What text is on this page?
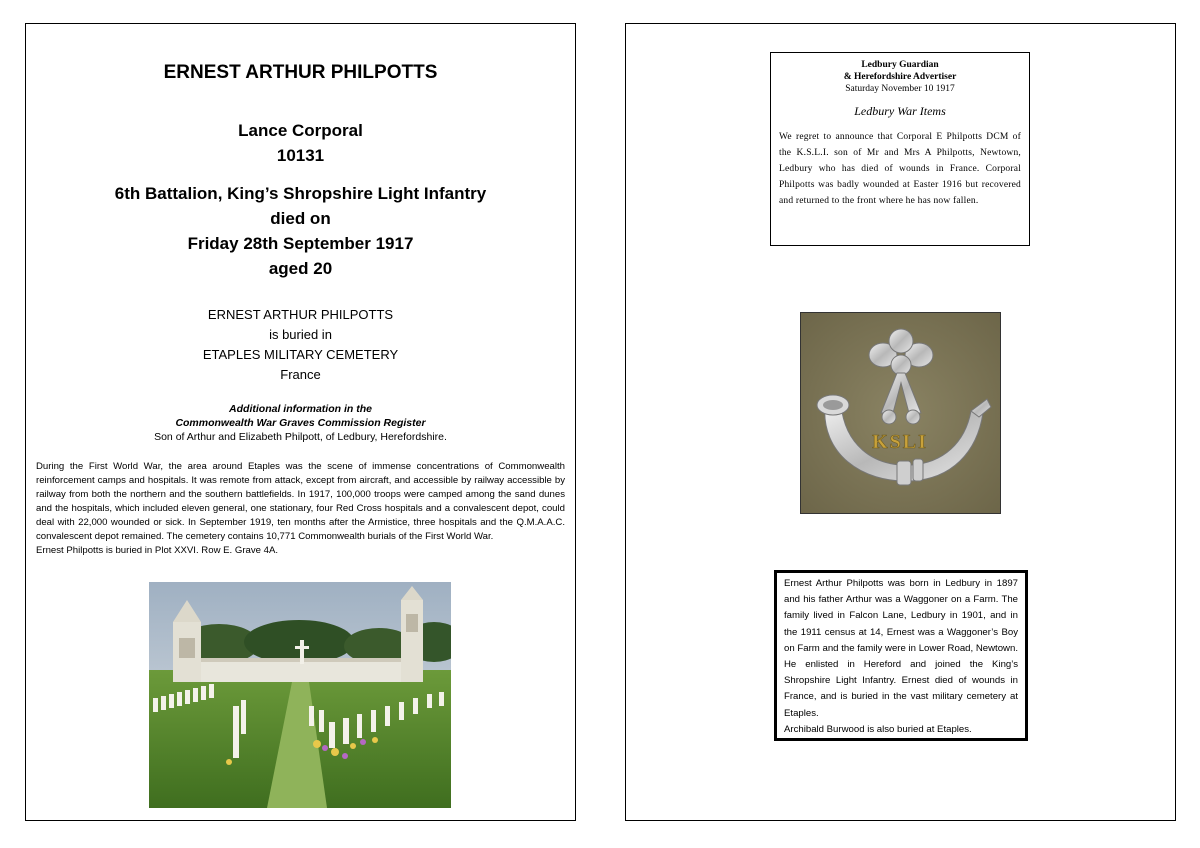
ERNEST ARTHUR PHILPOTTS
Lance Corporal
10131
6th Battalion, King’s Shropshire Light Infantry
died on
Friday 28th September 1917
aged 20
ERNEST ARTHUR PHILPOTTS
is buried in
ETAPLES MILITARY CEMETERY
France
Additional information in the
Commonwealth War Graves Commission Register
Son of Arthur and Elizabeth Philpott, of Ledbury, Herefordshire.

During the First World War, the area around Etaples was the scene of immense concentrations of Commonwealth reinforcement camps and hospitals. It was remote from attack, except from aircraft, and accessible by railway accessible by railway from both the northern and the southern battlefields. In 1917, 100,000 troops were camped among the sand dunes and the hospitals, which included eleven general, one stationary, four Red Cross hospitals and a convalescent depot, could deal with 22,000 wounded or sick. In September 1919, ten months after the Armistice, three hospitals and the Q.M.A.A.C. convalescent depot remained. The cemetery contains 10,771 Commonwealth burials of the First World War.

Ernest Philpotts is buried in Plot XXVI. Row E. Grave 4A.

Ledbury Guardian
& Herefordshire Advertiser
Saturday November 10 1917
Ledbury War Items
We regret to announce that Corporal E Philpotts DCM of the K.S.L.I. son of Mr and Mrs A Philpotts, Newtown, Ledbury who has died of wounds in France. Corporal Philpotts was badly wounded at Easter 1916 but recovered and returned to the front where he has now fallen.
KSLI

Ernest Arthur Philpotts was born in Ledbury in 1897 and his father Arthur was a Waggoner on a Farm. The family lived in Falcon Lane, Ledbury in 1901, and in the 1911 census at 14, Ernest was a Waggoner’s Boy on Farm and the family were in Lower Road, Newtown. He enlisted in Hereford and joined the King’s Shropshire Light Infantry. Ernest died of wounds in France, and is buried in the vast military cemetery at Etaples.

Archibald Burwood is also buried at Etaples.
